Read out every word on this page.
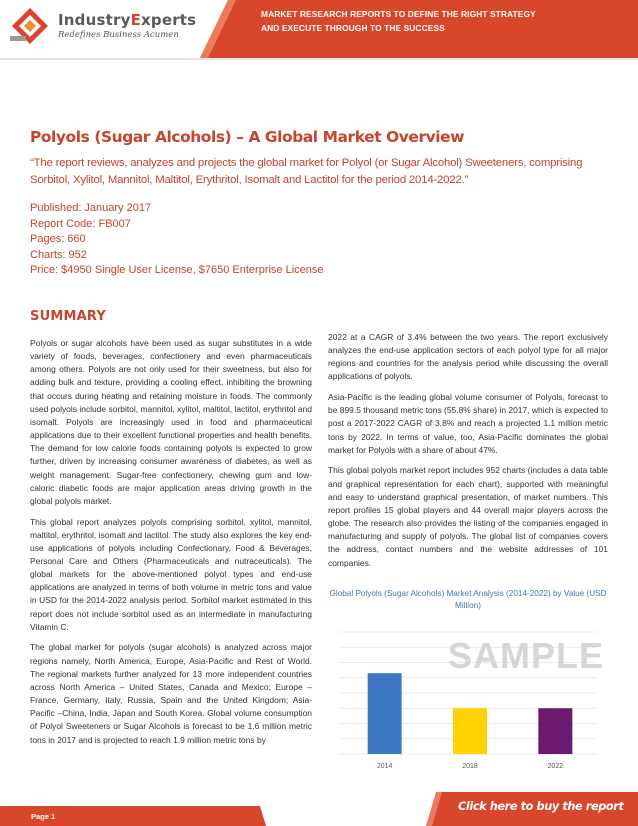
IndustryExperts
Redefines Business Acumen
MARKET RESEARCH REPORTS TO DEFINE THE RIGHT STRATEGY
AND EXECUTE THROUGH TO THE SUCCESS
Polyols (Sugar Alcohols) – A Global Market Overview

“The report reviews, analyzes and projects the global market for Polyol (or Sugar Alcohol) Sweeteners, comprising Sorbitol, Xylitol, Mannitol, Maltitol, Erythritol, Isomalt and Lactitol for the period 2014-2022.”

Published: January 2017
Report Code: FB007
Pages: 660
Charts: 952
Price: $4950 Single User License, $7650 Enterprise License
SUMMARY

Polyols or sugar alcohols have been used as sugar substitutes in a wide variety of foods, beverages, confectionery and even pharmaceuticals among others. Polyols are not only used for their sweetness, but also for adding bulk and texture, providing a cooling effect, inhibiting the browning that occurs during heating and retaining moisture in foods. The commonly used polyols include sorbitol, mannitol, xylitol, maltitol, lactitol, erythritol and isomalt. Polyols are increasingly used in food and pharmaceutical applications due to their excellent functional properties and health benefits. The demand for low calorie foods containing polyols is expected to grow further, driven by increasing consumer awareness of diabetes, as well as weight management. Sugar-free confectionery, chewing gum and low-caloric diabetic foods are major application areas driving growth in the global polyols market.

This global report analyzes polyols comprising sorbitol, xylitol, mannitol, maltitol, erythritol, isomalt and lactitol. The study also explores the key end-use applications of polyols including Confectionary, Food & Beverages, Personal Care and Others (Pharmaceuticals and nutraceuticals). The global markets for the above-mentioned polyol types and end-use applications are analyzed in terms of both volume in metric tons and value in USD for the 2014-2022 analysis period. Sorbitol market estimated in this report does not include sorbitol used as an intermediate in manufacturing Vitamin C.

The global market for polyols (sugar alcohols) is analyzed across major regions namely, North America, Europe, Asia-Pacific and Rest of World. The regional markets further analyzed for 13 more independent countries across North America – United States, Canada and Mexico; Europe – France, Germany, Italy, Russia, Spain and the United Kingdom; Asia-Pacific –China, India, Japan and South Korea. Global volume consumption of Polyol Sweeteners or Sugar Alcohols is forecast to be 1.6 million metric tons in 2017 and is projected to reach 1.9 million metric tons by

2022 at a CAGR of 3.4% between the two years. The report exclusively analyzes the end-use application sectors of each polyol type for all major regions and countries for the analysis period while discussing the overall applications of polyols.

Asia-Pacific is the leading global volume consumer of Polyols, forecast to be 899.5 thousand metric tons (55.8% share) in 2017, which is expected to post a 2017-2022 CAGR of 3.8% and reach a projected 1.1 million metric tons by 2022. In terms of value, too, Asia-Pacific dominates the global market for Polyols with a share of about 47%.

This global polyols market report includes 952 charts (includes a data table and graphical representation for each chart), supported with meaningful and easy to understand graphical presentation, of market numbers. This report profiles 15 global players and 44 overall major players across the globe. The research also provides the listing of the companies engaged in manufacturing and supply of polyols. The global list of companies covers the address, contact numbers and the website addresses of 101 companies.

SAMPLE
2014	2018	2022
Global Polyols (Sugar Alcohols) Market Analysis (2014-2022) by Value (USD Million)
Page 1
Click here to buy the report
